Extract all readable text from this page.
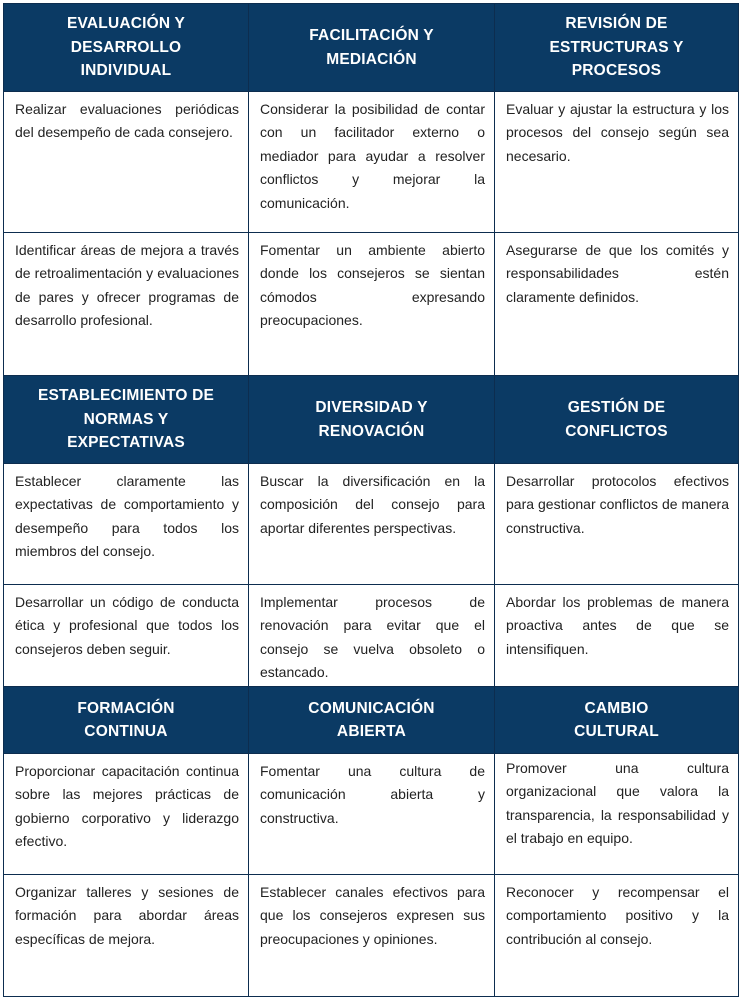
EVALUACIÓN Y
DESARROLLO
INDIVIDUAL
Realizar evaluaciones periódicas del desempeño de cada consejero.
Identificar áreas de mejora a través de retroalimentación y evaluaciones de pares y ofrecer programas de desarrollo profesional.
FACILITACIÓN Y
MEDIACIÓN
Considerar la posibilidad de contar con un facilitador externo o mediador para ayudar a resolver conflictos y mejorar la comunicación.
Fomentar un ambiente abierto donde los consejeros se sientan cómodos expresando preocupaciones.
REVISIÓN DE
ESTRUCTURAS Y
PROCESOS
Evaluar y ajustar la estructura y los procesos del consejo según sea necesario.
Asegurarse de que los comités y responsabilidades estén claramente definidos.
ESTABLECIMIENTO DE
NORMAS Y
EXPECTATIVAS
Establecer claramente las expectativas de comportamiento y desempeño para todos los miembros del consejo.
Desarrollar un código de conducta ética y profesional que todos los consejeros deben seguir.
DIVERSIDAD Y
RENOVACIÓN
Buscar la diversificación en la composición del consejo para aportar diferentes perspectivas.
Implementar procesos de renovación para evitar que el consejo se vuelva obsoleto o estancado.
GESTIÓN DE
CONFLICTOS
Desarrollar protocolos efectivos para gestionar conflictos de manera constructiva.
Abordar los problemas de manera proactiva antes de que se intensifiquen.
FORMACIÓN
CONTINUA
Proporcionar capacitación continua sobre las mejores prácticas de gobierno corporativo y liderazgo efectivo.
Organizar talleres y sesiones de formación para abordar áreas específicas de mejora.
COMUNICACIÓN
ABIERTA
Fomentar una cultura de comunicación abierta y constructiva.
Establecer canales efectivos para que los consejeros expresen sus preocupaciones y opiniones.
CAMBIO
CULTURAL
Promover una cultura organizacional que valora la transparencia, la responsabilidad y el trabajo en equipo.
Reconocer y recompensar el comportamiento positivo y la contribución al consejo.
